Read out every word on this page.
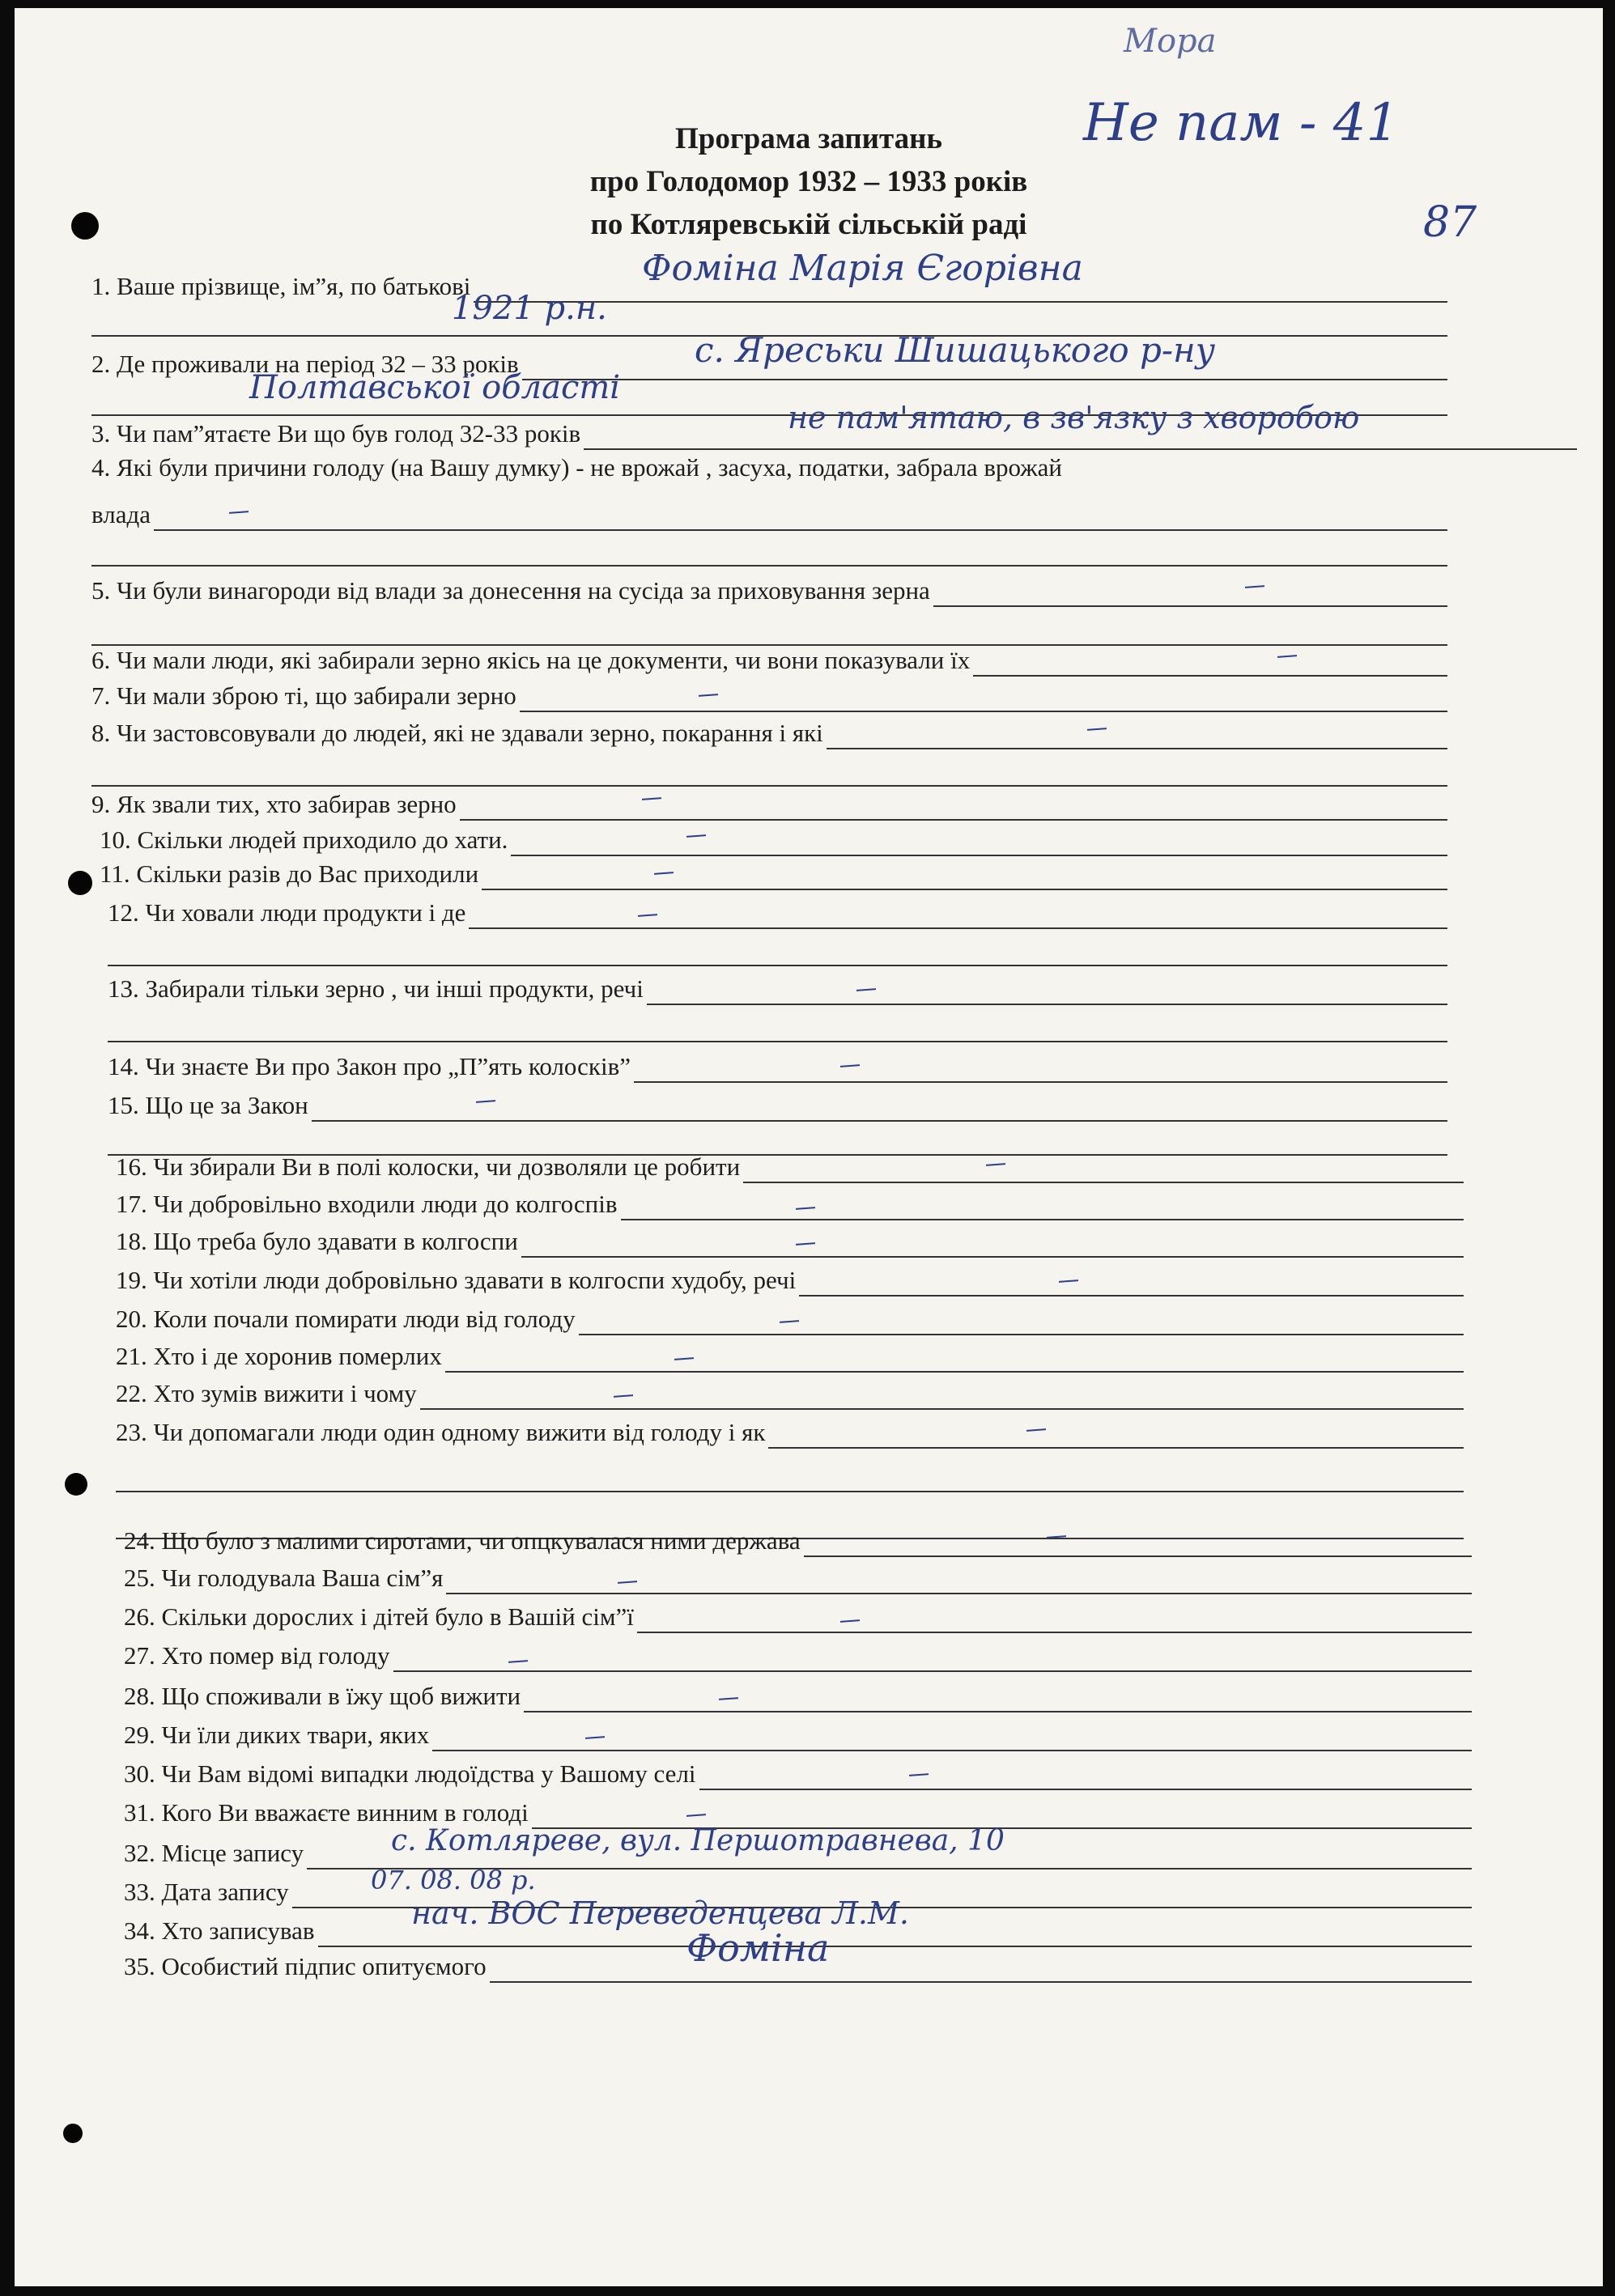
Мора
Не пам - 41
87
Програма запитань
про Голодомор 1932 – 1933 років
по Котляревській сільській раді
1. Ваше прізвище, ім”я, по батькові	Фоміна Марія Єгорівна
1921 р.н.
2. Де проживали на період 32 – 33 років	с. Яреськи Шишацького р-ну
Полтавської області
3. Чи пам”ятаєте Ви що був голод 32-33 років	не пам'ятаю, в зв'язку з хворобою
4. Які були причини голоду (на Вашу думку) - не врожай , засуха, податки, забрала врожай
влада
5. Чи були винагороди від влади за донесення на сусіда за приховування зерна
6. Чи мали люди, які забирали зерно якісь на це документи, чи вони показували їх
7. Чи мали зброю ті, що забирали зерно
8. Чи застовсовували до людей, які не здавали зерно, покарання і які
9. Як звали тих, хто забирав зерно
10. Скільки людей приходило до хати.
11. Скільки разів до Вас приходили
12. Чи ховали люди продукти і де
13. Забирали тільки зерно , чи інші продукти, речі
14. Чи знаєте Ви про Закон про „П”ять колосків”
15. Що це за Закон
16. Чи збирали Ви в полі колоски, чи дозволяли це робити
17. Чи добровільно входили люди до колгоспів
18. Що треба було здавати в колгоспи
19. Чи хотіли люди добровільно здавати в колгоспи худобу, речі
20. Коли почали помирати люди від голоду
21. Хто і де хоронив померлих
22. Хто зумів вижити і чому
23. Чи допомагали люди один одному вижити від голоду і як
24. Що було з малими сиротами, чи опцкувалася ними держава
25. Чи голодувала Ваша сім”я
26. Скільки дорослих і дітей було в Вашій сім”ї
27. Хто помер від голоду
28. Що споживали в їжу щоб вижити
29. Чи їли диких твари, яких
30. Чи Вам відомі випадки людоїдства у Вашому селі
31. Кого Ви вважаєте винним в голоді
32. Місце запису	с. Котляреве, вул. Першотравнева, 10
33. Дата запису	07. 08. 08 р.
34. Хто записував	нач. ВОС Переведенцева Л.М.
35. Особистий підпис опитуємого	Фоміна
